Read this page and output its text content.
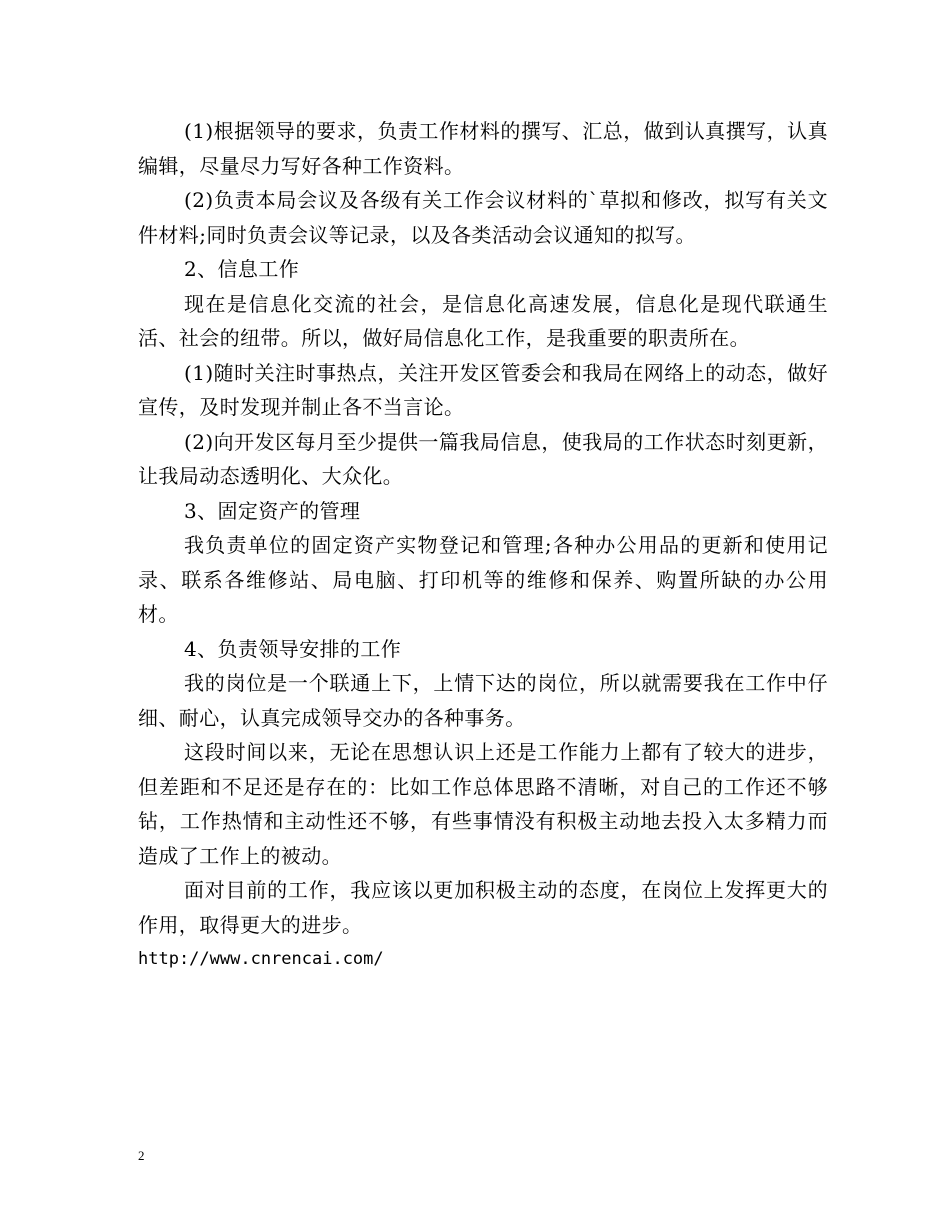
(1)根据领导的要求，负责工作材料的撰写、汇总，做到认真撰写，认真编辑，尽量尽力写好各种工作资料。

(2)负责本局会议及各级有关工作会议材料的`草拟和修改，拟写有关文件材料;同时负责会议等记录，以及各类活动会议通知的拟写。

2、信息工作

现在是信息化交流的社会，是信息化高速发展，信息化是现代联通生活、社会的纽带。所以，做好局信息化工作，是我重要的职责所在。

(1)随时关注时事热点，关注开发区管委会和我局在网络上的动态，做好宣传，及时发现并制止各不当言论。

(2)向开发区每月至少提供一篇我局信息，使我局的工作状态时刻更新，让我局动态透明化、大众化。

3、固定资产的管理

我负责单位的固定资产实物登记和管理;各种办公用品的更新和使用记录、联系各维修站、局电脑、打印机等的维修和保养、购置所缺的办公用材。

4、负责领导安排的工作

我的岗位是一个联通上下，上情下达的岗位，所以就需要我在工作中仔细、耐心，认真完成领导交办的各种事务。

这段时间以来，无论在思想认识上还是工作能力上都有了较大的进步，但差距和不足还是存在的：比如工作总体思路不清晰，对自己的工作还不够钻，工作热情和主动性还不够，有些事情没有积极主动地去投入太多精力而造成了工作上的被动。

面对目前的工作，我应该以更加积极主动的态度，在岗位上发挥更大的作用，取得更大的进步。

http://www.cnrencai.com/

2
